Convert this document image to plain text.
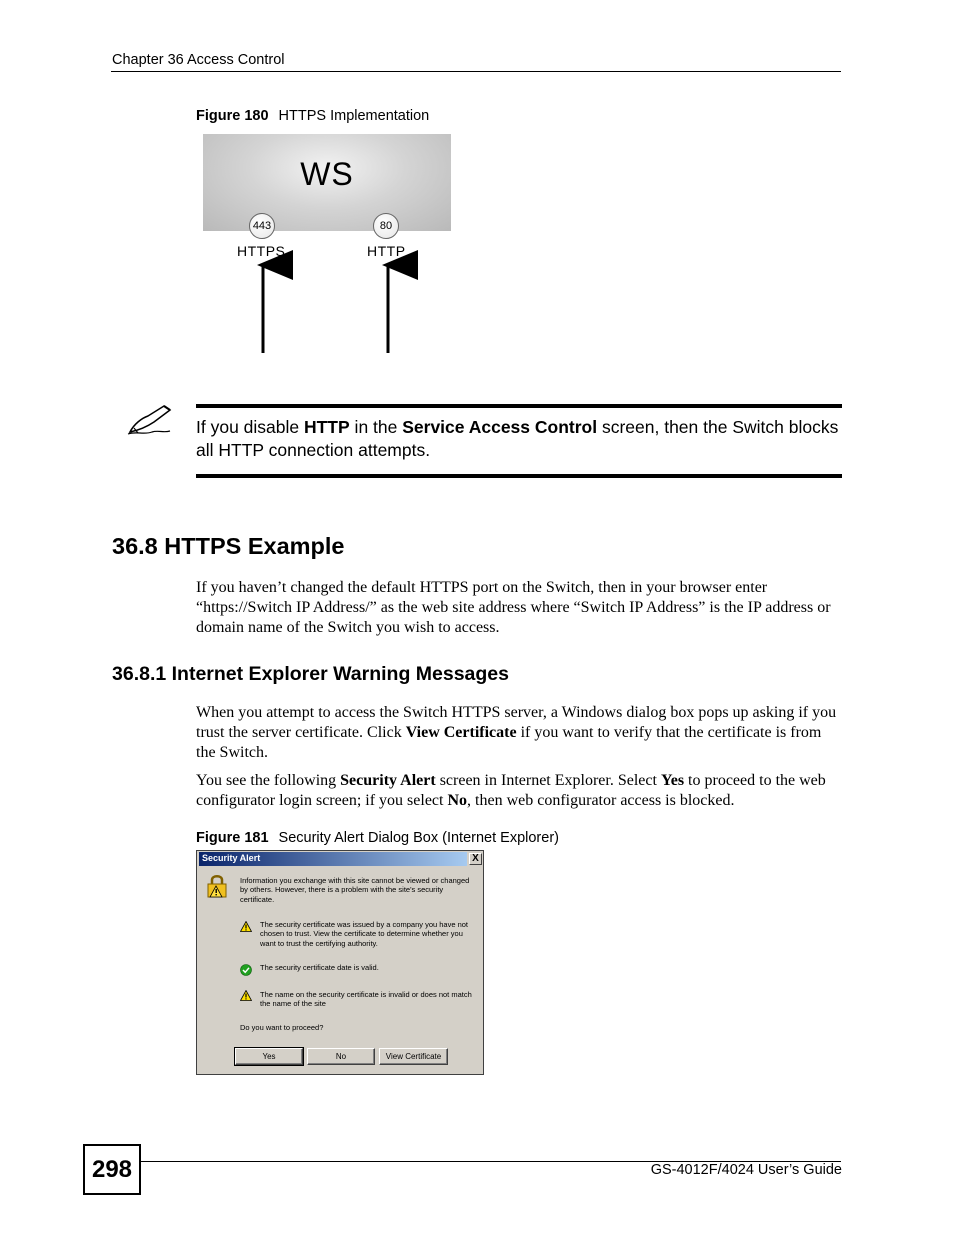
Chapter 36 Access Control
Figure 180 HTTPS Implementation
WS
443	80
HTTPS	HTTP
If you disable HTTP in the Service Access Control screen, then the Switch blocks all HTTP connection attempts.
36.8 HTTPS Example
If you haven’t changed the default HTTPS port on the Switch, then in your browser enter “https://Switch IP Address/” as the web site address where “Switch IP Address” is the IP address or domain name of the Switch you wish to access.
36.8.1 Internet Explorer Warning Messages
When you attempt to access the Switch HTTPS server, a Windows dialog box pops up asking if you trust the server certificate. Click View Certificate if you want to verify that the certificate is from the Switch.
You see the following Security Alert screen in Internet Explorer. Select Yes to proceed to the web configurator login screen; if you select No, then web configurator access is blocked.
Figure 181 Security Alert Dialog Box (Internet Explorer)
Security Alert	X
Information you exchange with this site cannot be viewed or changed by others. However, there is a problem with the site's security certificate.
The security certificate was issued by a company you have not chosen to trust. View the certificate to determine whether you want to trust the certifying authority.
The security certificate date is valid.
The name on the security certificate is invalid or does not match the name of the site
Do you want to proceed?
Yes	No	View Certificate
298	GS-4012F/4024 User’s Guide
